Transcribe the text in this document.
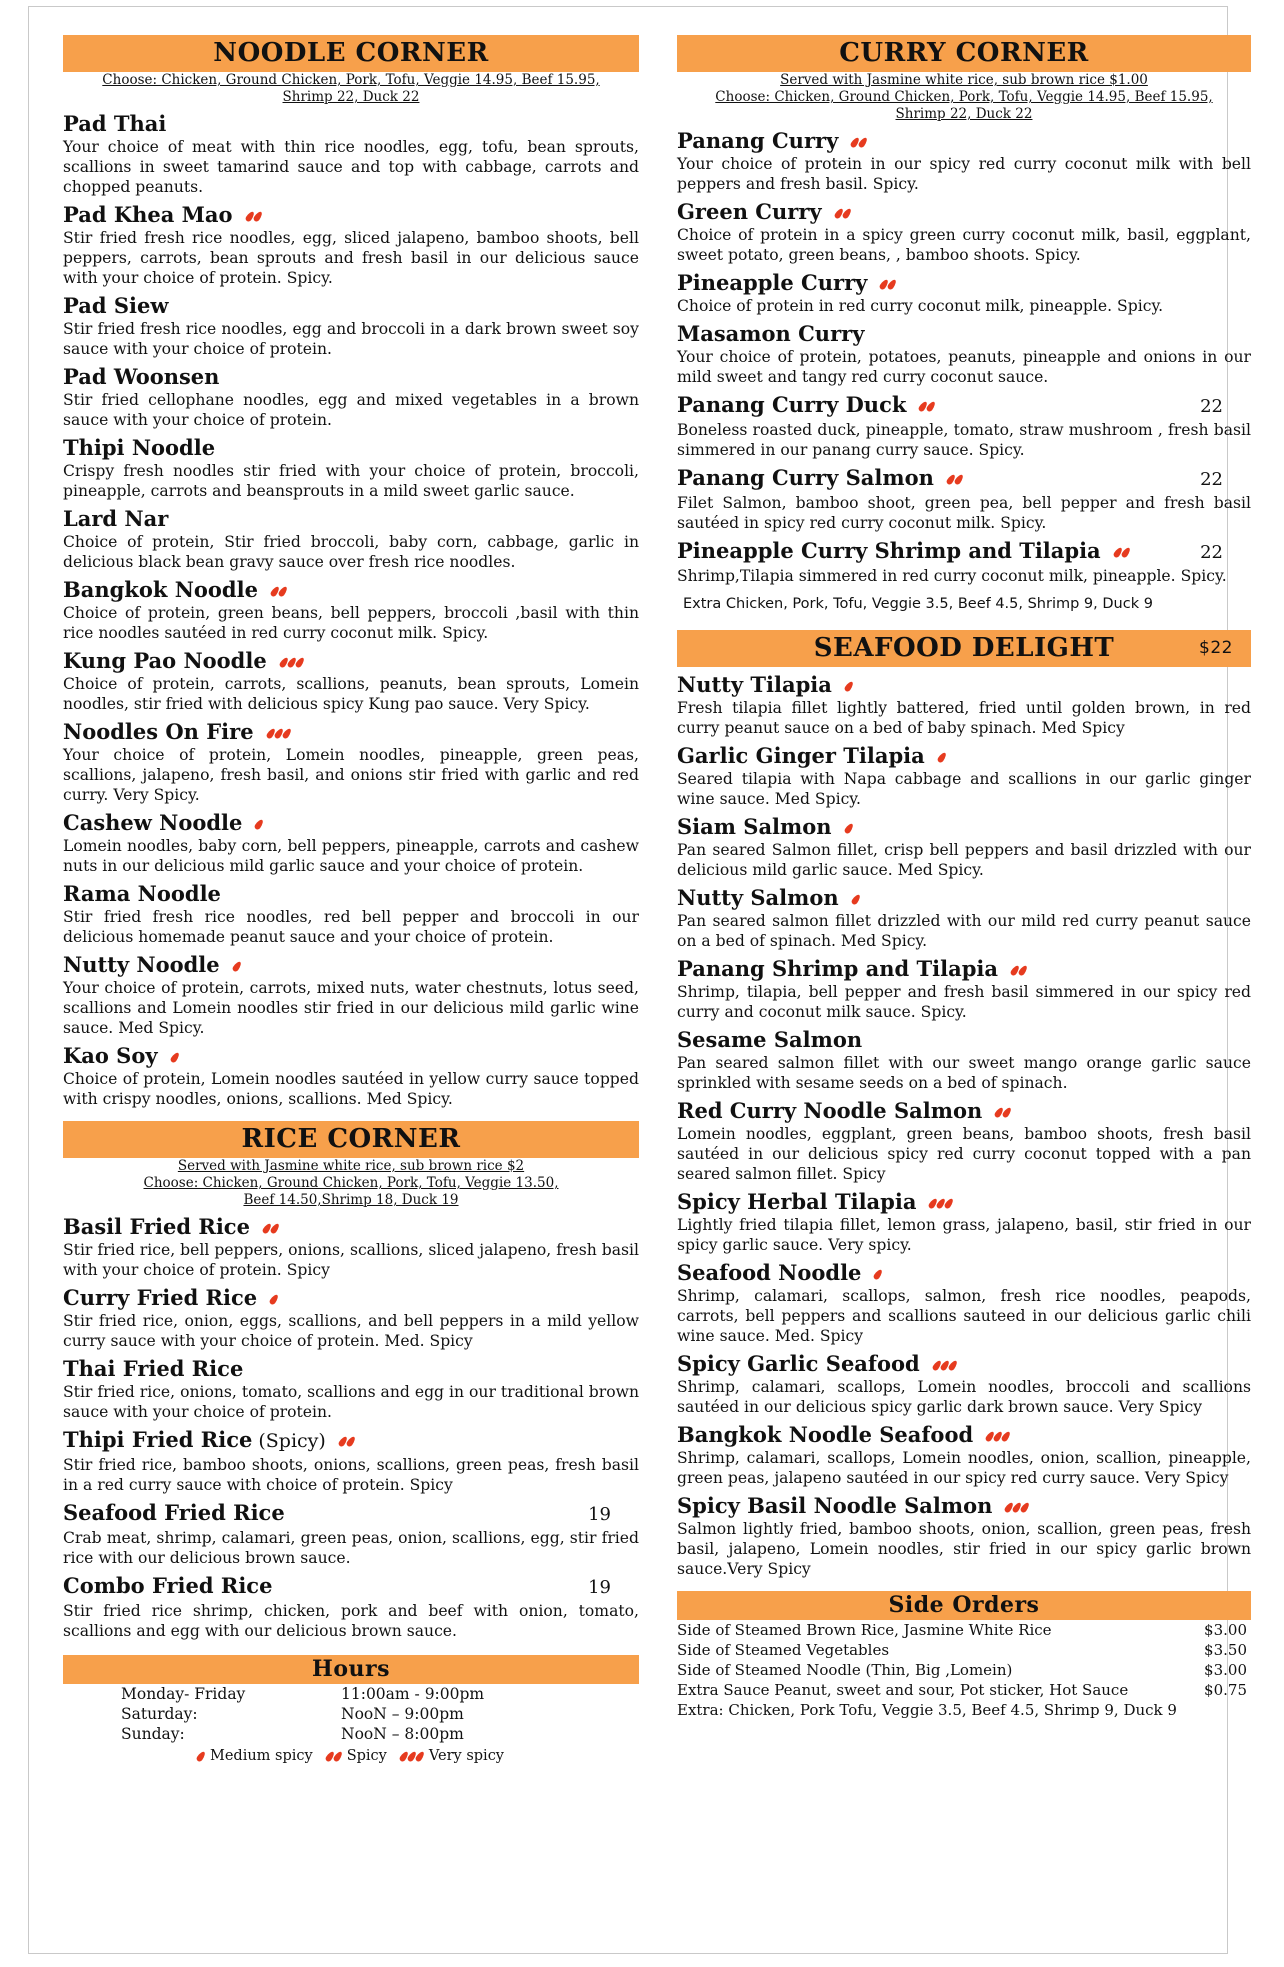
NOODLE CORNER
Choose: Chicken, Ground Chicken, Pork, Tofu, Veggie 14.95, Beef 15.95,
Shrimp 22, Duck 22
Pad Thai
Your choice of meat with thin rice noodles, egg, tofu, bean sprouts, scallions in sweet tamarind sauce and top with cabbage, carrots and chopped peanuts.
Pad Khea Mao
Stir fried fresh rice noodles, egg, sliced jalapeno, bamboo shoots, bell peppers, carrots, bean sprouts and fresh basil in our delicious sauce with your choice of protein. Spicy.
Pad Siew
Stir fried fresh rice noodles, egg and broccoli in a dark brown sweet soy sauce with your choice of protein.
Pad Woonsen
Stir fried cellophane noodles, egg and mixed vegetables in a brown sauce with your choice of protein.
Thipi Noodle
Crispy fresh noodles stir fried with your choice of protein, broccoli, pineapple, carrots and beansprouts in a mild sweet garlic sauce.
Lard Nar
Choice of protein, Stir fried broccoli, baby corn, cabbage, garlic in delicious black bean gravy sauce over fresh rice noodles.
Bangkok Noodle
Choice of protein, green beans, bell peppers, broccoli ,basil with thin rice noodles sautéed in red curry coconut milk. Spicy.
Kung Pao Noodle
Choice of protein, carrots, scallions, peanuts, bean sprouts, Lomein noodles, stir fried with delicious spicy Kung pao sauce. Very Spicy.
Noodles On Fire
Your choice of protein, Lomein noodles, pineapple, green peas, scallions, jalapeno, fresh basil, and onions stir fried with garlic and red curry. Very Spicy.
Cashew Noodle
Lomein noodles, baby corn, bell peppers, pineapple, carrots and cashew nuts in our delicious mild garlic sauce and your choice of protein.
Rama Noodle
Stir fried fresh rice noodles, red bell pepper and broccoli in our delicious homemade peanut sauce and your choice of protein.
Nutty Noodle
Your choice of protein, carrots, mixed nuts, water chestnuts, lotus seed, scallions and Lomein noodles stir fried in our delicious mild garlic wine sauce. Med Spicy.
Kao Soy
Choice of protein, Lomein noodles sautéed in yellow curry sauce topped with crispy noodles, onions, scallions. Med Spicy.
RICE CORNER
Served with Jasmine white rice, sub brown rice $2
Choose: Chicken, Ground Chicken, Pork, Tofu, Veggie 13.50,
Beef 14.50,Shrimp 18, Duck 19
Basil Fried Rice
Stir fried rice, bell peppers, onions, scallions, sliced jalapeno, fresh basil with your choice of protein. Spicy
Curry Fried Rice
Stir fried rice, onion, eggs, scallions, and bell peppers in a mild yellow curry sauce with your choice of protein. Med. Spicy
Thai Fried Rice
Stir fried rice, onions, tomato, scallions and egg in our traditional brown sauce with your choice of protein.
Thipi Fried Rice (Spicy)
Stir fried rice, bamboo shoots, onions, scallions, green peas, fresh basil in a red curry sauce with choice of protein. Spicy
Seafood Fried Rice	19
Crab meat, shrimp, calamari, green peas, onion, scallions, egg, stir fried rice with our delicious brown sauce.
Combo Fried Rice	19
Stir fried rice shrimp, chicken, pork and beef with onion, tomato, scallions and egg with our delicious brown sauce.
Hours
Monday- Friday	11:00am - 9:00pm
Saturday:	NooN – 9:00pm
Sunday:	NooN – 8:00pm
Medium spicy	Spicy	Very spicy
CURRY CORNER
Served with Jasmine white rice, sub brown rice $1.00
Choose: Chicken, Ground Chicken, Pork, Tofu, Veggie 14.95, Beef 15.95,
Shrimp 22, Duck 22
Panang Curry
Your choice of protein in our spicy red curry coconut milk with bell peppers and fresh basil. Spicy.
Green Curry
Choice of protein in a spicy green curry coconut milk, basil, eggplant, sweet potato, green beans, , bamboo shoots. Spicy.
Pineapple Curry
Choice of protein in red curry coconut milk, pineapple. Spicy.
Masamon Curry
Your choice of protein, potatoes, peanuts, pineapple and onions in our mild sweet and tangy red curry coconut sauce.
Panang Curry Duck	22
Boneless roasted duck, pineapple, tomato, straw mushroom , fresh basil simmered in our panang curry sauce. Spicy.
Panang Curry Salmon	22
Filet Salmon, bamboo shoot, green pea, bell pepper and fresh basil sautéed in spicy red curry coconut milk. Spicy.
Pineapple Curry Shrimp and Tilapia	22
Shrimp,Tilapia simmered in red curry coconut milk, pineapple. Spicy.
Extra Chicken, Pork, Tofu, Veggie 3.5, Beef 4.5, Shrimp 9, Duck 9
SEAFOOD DELIGHT	$22
Nutty Tilapia
Fresh tilapia fillet lightly battered, fried until golden brown, in red curry peanut sauce on a bed of baby spinach. Med Spicy
Garlic Ginger Tilapia
Seared tilapia with Napa cabbage and scallions in our garlic ginger wine sauce. Med Spicy.
Siam Salmon
Pan seared Salmon fillet, crisp bell peppers and basil drizzled with our delicious mild garlic sauce. Med Spicy.
Nutty Salmon
Pan seared salmon fillet drizzled with our mild red curry peanut sauce on a bed of spinach. Med Spicy.
Panang Shrimp and Tilapia
Shrimp, tilapia, bell pepper and fresh basil simmered in our spicy red curry and coconut milk sauce. Spicy.
Sesame Salmon
Pan seared salmon fillet with our sweet mango orange garlic sauce sprinkled with sesame seeds on a bed of spinach.
Red Curry Noodle Salmon
Lomein noodles, eggplant, green beans, bamboo shoots, fresh basil sautéed in our delicious spicy red curry coconut topped with a pan seared salmon fillet. Spicy
Spicy Herbal Tilapia
Lightly fried tilapia fillet, lemon grass, jalapeno, basil, stir fried in our spicy garlic sauce. Very spicy.
Seafood Noodle
Shrimp, calamari, scallops, salmon, fresh rice noodles, peapods, carrots, bell peppers and scallions sauteed in our delicious garlic chili wine sauce. Med. Spicy
Spicy Garlic Seafood
Shrimp, calamari, scallops, Lomein noodles, broccoli and scallions sautéed in our delicious spicy garlic dark brown sauce. Very Spicy
Bangkok Noodle Seafood
Shrimp, calamari, scallops, Lomein noodles, onion, scallion, pineapple, green peas, jalapeno sautéed in our spicy red curry sauce. Very Spicy
Spicy Basil Noodle Salmon
Salmon lightly fried, bamboo shoots, onion, scallion, green peas, fresh basil, jalapeno, Lomein noodles, stir fried in our spicy garlic brown sauce.Very Spicy
Side Orders
Side of Steamed Brown Rice, Jasmine White Rice	$3.00
Side of Steamed Vegetables	$3.50
Side of Steamed Noodle (Thin, Big ,Lomein)	$3.00
Extra Sauce Peanut, sweet and sour, Pot sticker, Hot Sauce	$0.75
Extra: Chicken, Pork Tofu, Veggie 3.5, Beef 4.5, Shrimp 9, Duck 9
